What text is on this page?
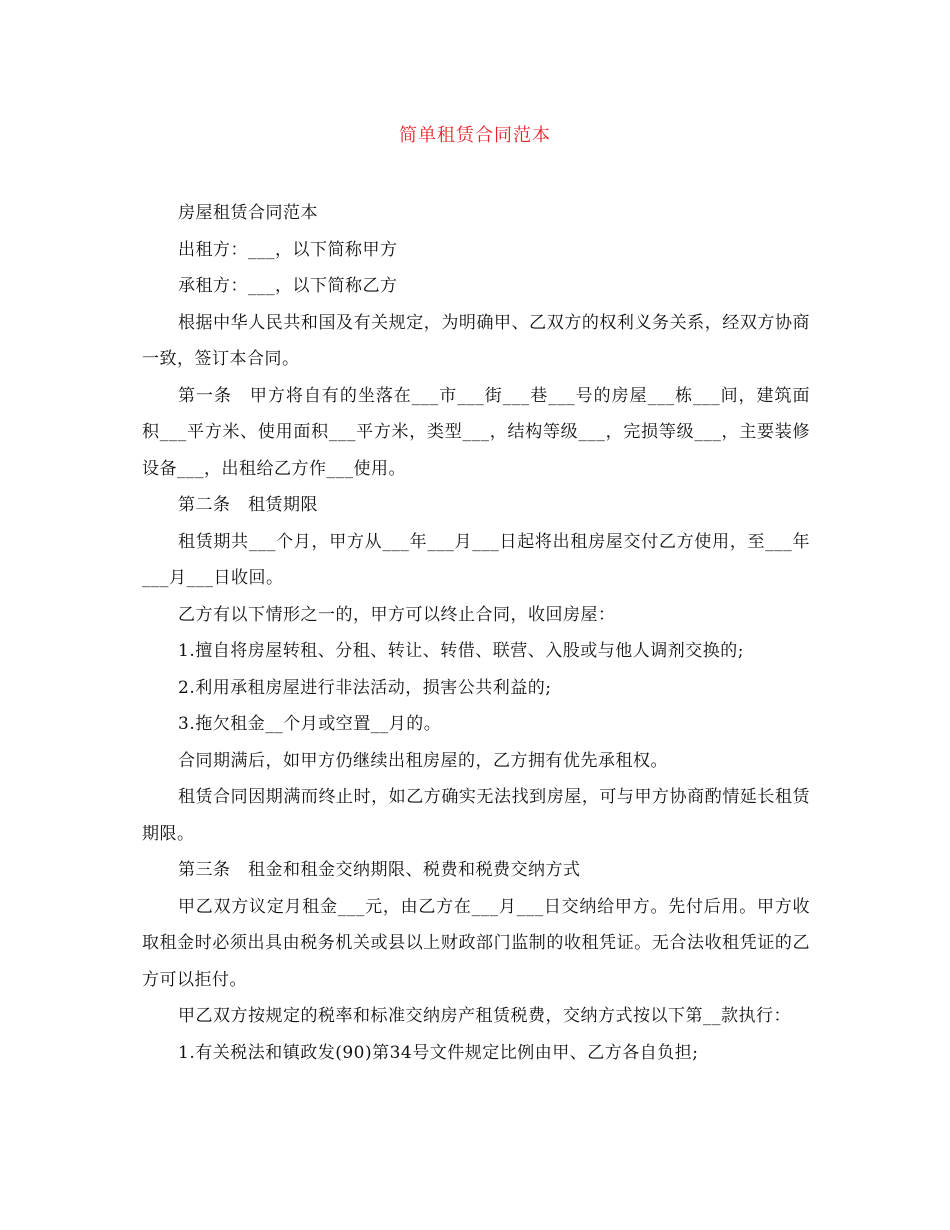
简单租赁合同范本

房屋租赁合同范本

出租方：___，以下简称甲方

承租方：___，以下简称乙方

根据中华人民共和国及有关规定，为明确甲、乙双方的权利义务关系，经双方协商一致，签订本合同。

第一条　甲方将自有的坐落在___市___街___巷___号的房屋___栋___间，建筑面积___平方米、使用面积___平方米，类型___，结构等级___，完损等级___，主要装修设备___，出租给乙方作___使用。

第二条　租赁期限

租赁期共___个月，甲方从___年___月___日起将出租房屋交付乙方使用，至___年___月___日收回。

乙方有以下情形之一的，甲方可以终止合同，收回房屋：

1.擅自将房屋转租、分租、转让、转借、联营、入股或与他人调剂交换的;

2.利用承租房屋进行非法活动，损害公共利益的;

3.拖欠租金__个月或空置__月的。

合同期满后，如甲方仍继续出租房屋的，乙方拥有优先承租权。

租赁合同因期满而终止时，如乙方确实无法找到房屋，可与甲方协商酌情延长租赁期限。

第三条　租金和租金交纳期限、税费和税费交纳方式

甲乙双方议定月租金___元，由乙方在___月___日交纳给甲方。先付后用。甲方收取租金时必须出具由税务机关或县以上财政部门监制的收租凭证。无合法收租凭证的乙方可以拒付。

甲乙双方按规定的税率和标准交纳房产租赁税费，交纳方式按以下第__款执行：

1.有关税法和镇政发(90)第34号文件规定比例由甲、乙方各自负担;
